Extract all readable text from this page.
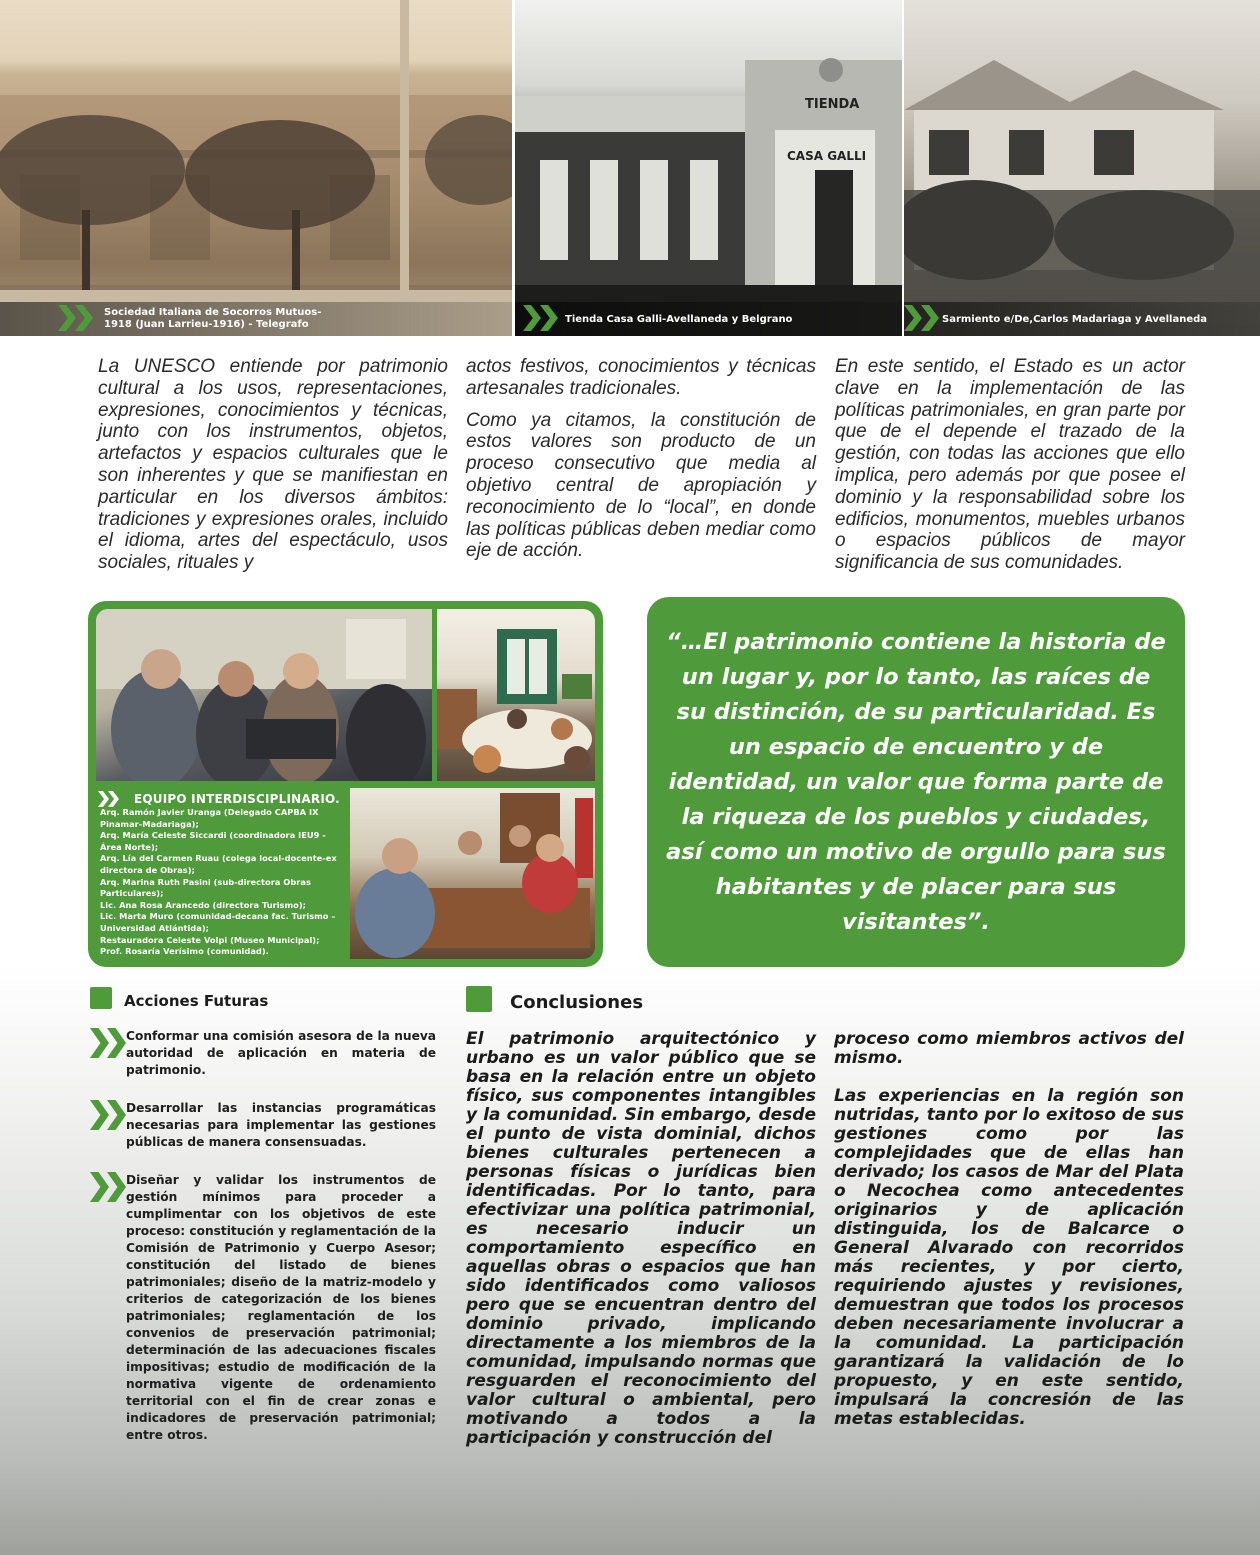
Sociedad Italiana de Socorros Mutuos-1918 (Juan Larrieu-1916) - Telegrafo
TIENDA
CASA GALLI
Tienda Casa Galli-Avellaneda y Belgrano	Sarmiento e/De,Carlos Madariaga y Avellaneda

La UNESCO entiende por patrimonio cultural a los usos, representaciones, expresiones, conocimientos y técnicas, junto con los instrumentos, objetos, artefactos y espacios culturales que le son inherentes y que se manifiestan en particular en los diversos ámbitos: tradiciones y expresiones orales, incluido el idioma, artes del espectáculo, usos sociales, rituales y

actos festivos, conocimientos y técnicas artesanales tradicionales.

Como ya citamos, la constitución de estos valores son producto de un proceso consecutivo que media al objetivo central de apropiación y reconocimiento de lo “local”, en donde las políticas públicas deben mediar como eje de acción.

En este sentido, el Estado es un actor clave en la implementación de las políticas patrimoniales, en gran parte por que de el depende el trazado de la gestión, con todas las acciones que ello implica, pero además por que posee el dominio y la responsabilidad sobre los edificios, monumentos, muebles urbanos o espacios públicos de mayor significancia de sus comunidades.

EQUIPO INTERDISCIPLINARIO.
Arq. Ramón Javier Uranga (Delegado CAPBA IX Pinamar-Madariaga);
Arq. María Celeste Siccardi (coordinadora IEU9 - Área Norte);
Arq. Lía del Carmen Ruau (colega local-docente-ex directora de Obras);
Arq. Marina Ruth Pasini (sub-directora Obras Particulares);
Lic. Ana Rosa Arancedo (directora Turismo);
Lic. Marta Muro (comunidad-decana fac. Turismo – Universidad Atlántida);
Restauradora Celeste Volpi (Museo Municipal);
Prof. Rosaría Verísimo (comunidad).

“…El patrimonio contiene la historia de un lugar y, por lo tanto, las raíces de su distinción, de su particularidad. Es un espacio de encuentro y de identidad, un valor que forma parte de la riqueza de los pueblos y ciudades, así como un motivo de orgullo para sus habitantes y de placer para sus visitantes”.

Acciones Futuras

Conformar una comisión asesora de la nueva autoridad de aplicación en materia de patrimonio.

Desarrollar las instancias programáticas necesarias para implementar las gestiones públicas de manera consensuadas.

Diseñar y validar los instrumentos de gestión mínimos para proceder a cumplimentar con los objetivos de este proceso: constitución y reglamentación de la Comisión de Patrimonio y Cuerpo Asesor; constitución del listado de bienes patrimoniales; diseño de la matriz-modelo y criterios de categorización de los bienes patrimoniales; reglamentación de los convenios de preservación patrimonial; determinación de las adecuaciones fiscales impositivas; estudio de modificación de la normativa vigente de ordenamiento territorial con el fin de crear zonas e indicadores de preservación patrimonial; entre otros.

Conclusiones

El patrimonio arquitectónico y urbano es un valor público que se basa en la relación entre un objeto físico, sus componentes intangibles y la comunidad. Sin embargo, desde el punto de vista dominial, dichos bienes culturales pertenecen a personas físicas o jurídicas bien identificadas. Por lo tanto, para efectivizar una política patrimonial, es necesario inducir un comportamiento específico en aquellas obras o espacios que han sido identificados como valiosos pero que se encuentran dentro del dominio privado, implicando directamente a los miembros de la comunidad, impulsando normas que resguarden el reconocimiento del valor cultural o ambiental, pero motivando a todos a la participación y construcción del

proceso como miembros activos del mismo.

Las experiencias en la región son nutridas, tanto por lo exitoso de sus gestiones como por las complejidades que de ellas han derivado; los casos de Mar del Plata o Necochea como antecedentes originarios y de aplicación distinguida, los de Balcarce o General Alvarado con recorridos más recientes, y por cierto, requiriendo ajustes y revisiones, demuestran que todos los procesos deben necesariamente involucrar a la comunidad. La participación garantizará la validación de lo propuesto, y en este sentido, impulsará la concresión de las metas establecidas.
